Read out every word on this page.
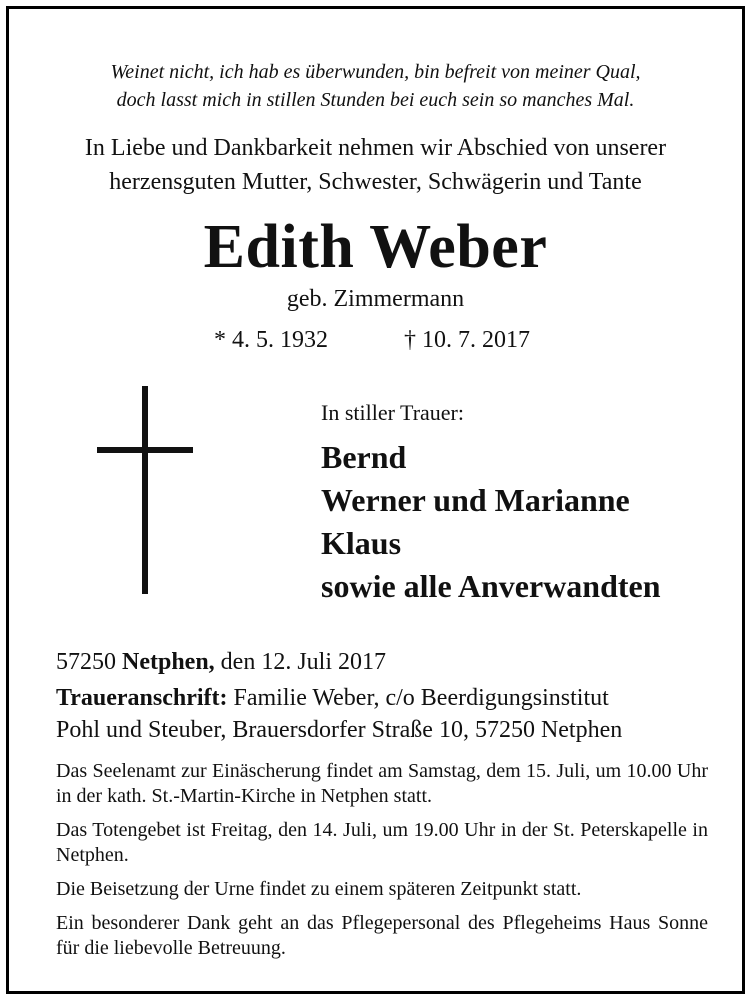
Weinet nicht, ich hab es überwunden, bin befreit von meiner Qual,
doch lasst mich in stillen Stunden bei euch sein so manches Mal.
In Liebe und Dankbarkeit nehmen wir Abschied von unserer
herzensguten Mutter, Schwester, Schwägerin und Tante
Edith Weber
geb. Zimmermann
* 4. 5. 1932	† 10. 7. 2017
In stiller Trauer:
Bernd
Werner und Marianne
Klaus
sowie alle Anverwandten
57250 Netphen, den 12. Juli 2017
Traueranschrift: Familie Weber, c/o Beerdigungsinstitut
Pohl und Steuber, Brauersdorfer Straße 10, 57250 Netphen

Das Seelenamt zur Einäscherung findet am Samstag, dem 15. Juli, um 10.00 Uhr in der kath. St.-Martin-Kirche in Netphen statt.

Das Totengebet ist Freitag, den 14. Juli, um 19.00 Uhr in der St. Peterskapelle in Netphen.

Die Beisetzung der Urne findet zu einem späteren Zeitpunkt statt.

Ein besonderer Dank geht an das Pflegepersonal des Pflegeheims Haus Sonne für die liebevolle Betreuung.
